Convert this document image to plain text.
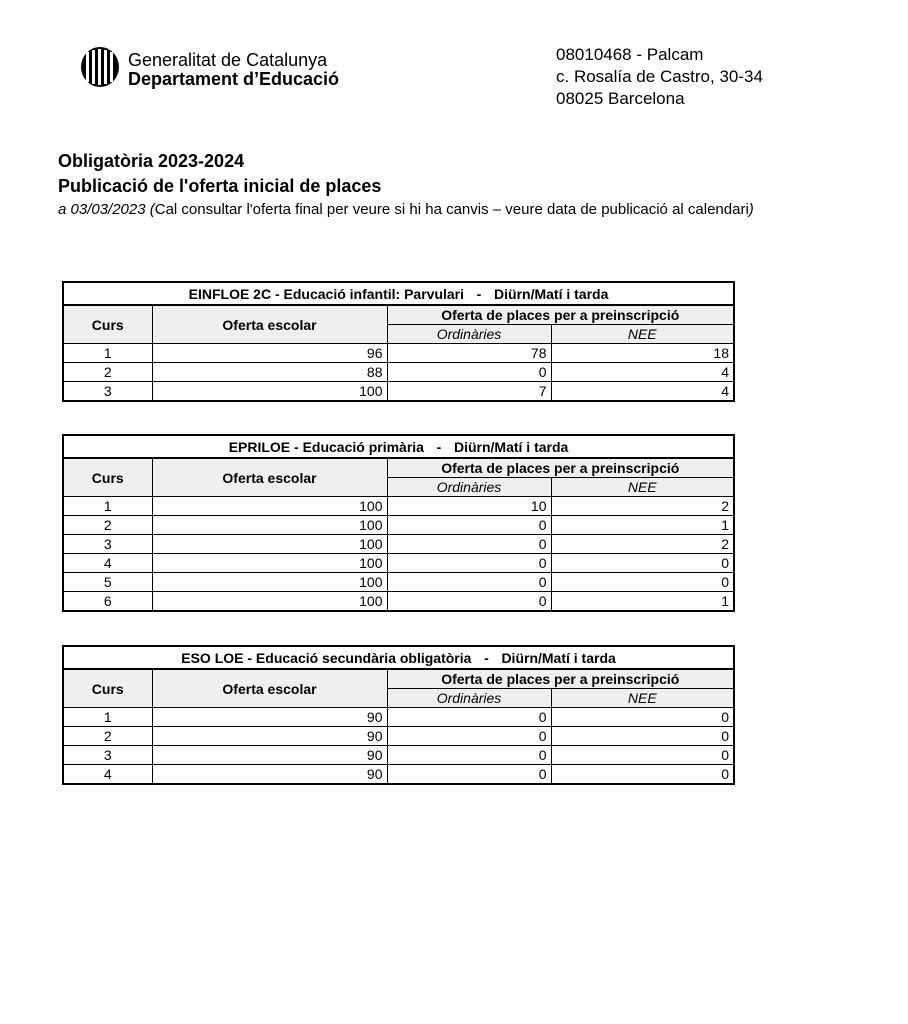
Generalitat de Catalunya
Departament d’Educació
08010468 - Palcam
c. Rosalía de Castro, 30-34
08025 Barcelona
Obligatòria 2023-2024
Publicació de l'oferta inicial de places
a 03/03/2023 (Cal consultar l'oferta final per veure si hi ha canvis – veure data de publicació al calendari)
EINFLOE 2C - Educació infantil: Parvulari - Diürn/Matí i tarda			
Curs	Oferta escolar	Oferta de places per a preinscripció	
		Ordinàries	NEE
1	96	78	18
2	88	0	4
3	100	7	4
EPRILOE - Educació primària - Diürn/Matí i tarda			
Curs	Oferta escolar	Oferta de places per a preinscripció	
		Ordinàries	NEE
1	100	10	2
2	100	0	1
3	100	0	2
4	100	0	0
5	100	0	0
6	100	0	1
ESO LOE - Educació secundària obligatòria - Diürn/Matí i tarda			
Curs	Oferta escolar	Oferta de places per a preinscripció	
		Ordinàries	NEE
1	90	0	0
2	90	0	0
3	90	0	0
4	90	0	0
